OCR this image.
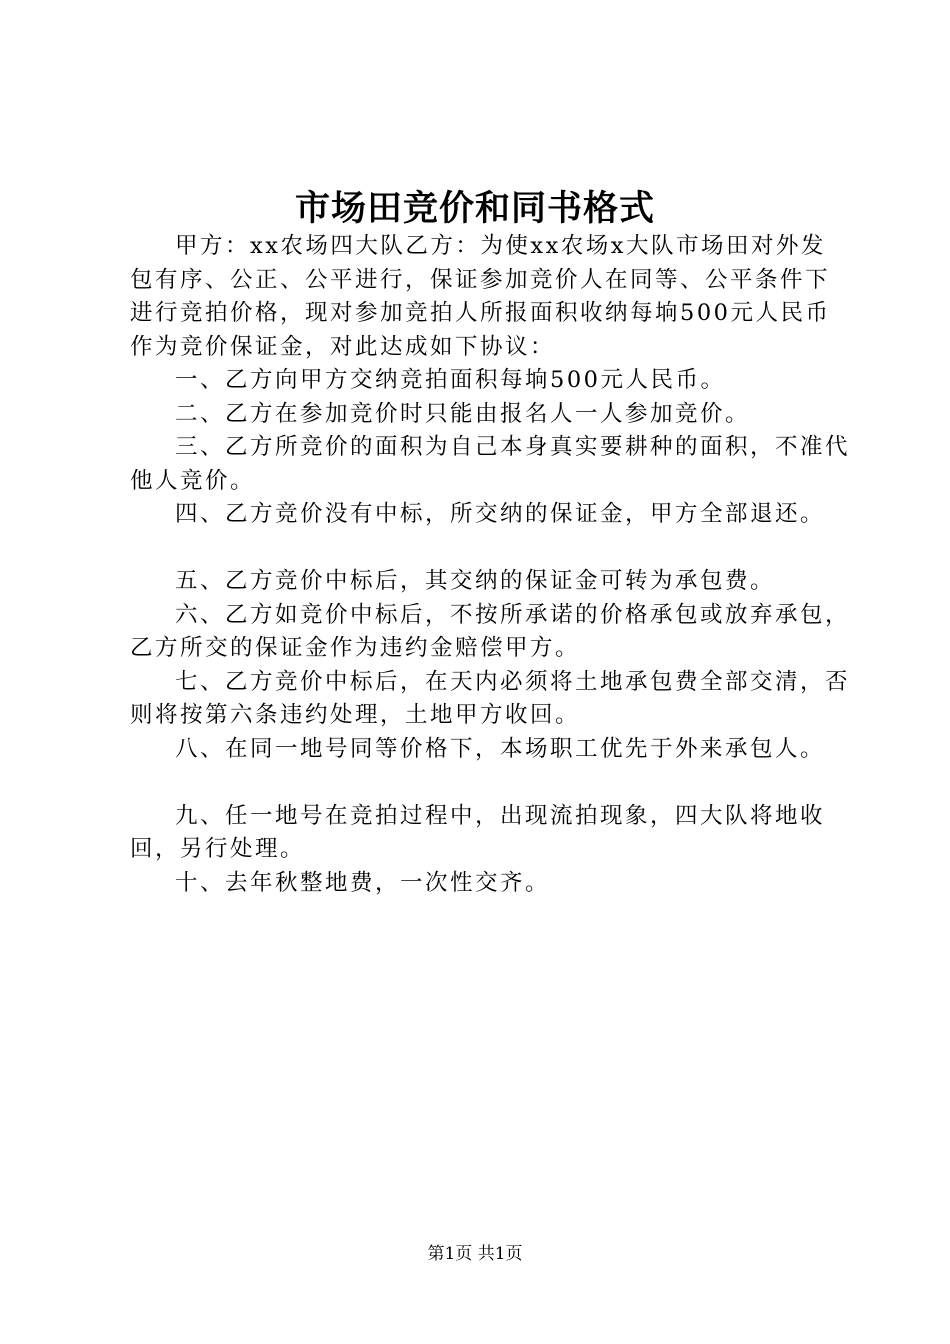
市场田竞价和同书格式

甲方：xx农场四大队乙方：为使xx农场x大队市场田对外发包有序、公正、公平进行，保证参加竞价人在同等、公平条件下进行竞拍价格，现对参加竞拍人所报面积收纳每垧500元人民币作为竞价保证金，对此达成如下协议：

一、乙方向甲方交纳竞拍面积每垧500元人民币。

二、乙方在参加竞价时只能由报名人一人参加竞价。

三、乙方所竞价的面积为自己本身真实要耕种的面积，不准代他人竞价。

四、乙方竞价没有中标，所交纳的保证金，甲方全部退还。

五、乙方竞价中标后，其交纳的保证金可转为承包费。

六、乙方如竞价中标后，不按所承诺的价格承包或放弃承包，乙方所交的保证金作为违约金赔偿甲方。

七、乙方竞价中标后，在天内必须将土地承包费全部交清，否则将按第六条违约处理，土地甲方收回。

八、在同一地号同等价格下，本场职工优先于外来承包人。

九、任一地号在竞拍过程中，出现流拍现象，四大队将地收回，另行处理。

十、去年秋整地费，一次性交齐。

第1页 共1页
